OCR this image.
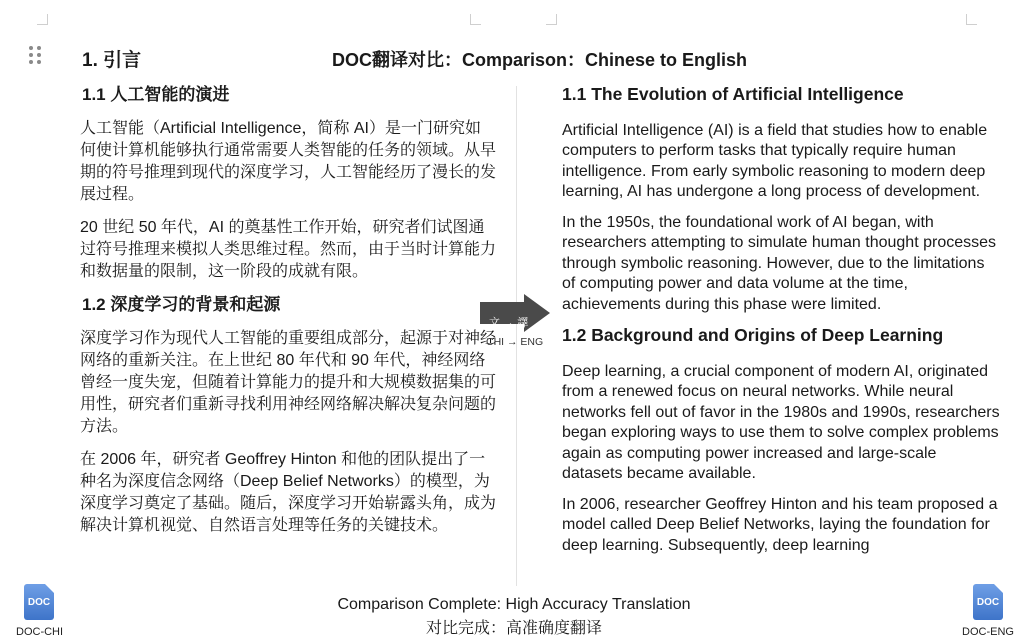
1. 引言	DOC翻译对比：Comparison：Chinese to English
1.1 人工智能的演进

人工智能（Artificial Intelligence，简称 AI）是一门研究如何使计算机能够执行通常需要人类智能的任务的领域。从早期的符号推理到现代的深度学习，人工智能经历了漫长的发展过程。

20 世纪 50 年代，AI 的奠基性工作开始，研究者们试图通过符号推理来模拟人类思维过程。然而，由于当时计算能力和数据量的限制，这一阶段的成就有限。

1.2 深度学习的背景和起源

深度学习作为现代人工智能的重要组成部分，起源于对神经网络的重新关注。在上世纪 80 年代和 90 年代，神经网络曾经一度失宠，但随着计算能力的提升和大规模数据集的可用性，研究者们重新寻找利用神经网络解决解决复杂问题的方法。

在 2006 年，研究者 Geoffrey Hinton 和他的团队提出了一种名为深度信念网络（Deep Belief Networks）的模型，为深度学习奠定了基础。随后，深度学习开始崭露头角，成为解决计算机视觉、自然语言处理等任务的关键技术。

1.1 The Evolution of Artificial Intelligence

Artificial Intelligence (AI) is a field that studies how to enable computers to perform tasks that typically require human intelligence. From early symbolic reasoning to modern deep learning, AI has undergone a long process of development.

In the 1950s, the foundational work of AI began, with researchers attempting to simulate human thought processes through symbolic reasoning. However, due to the limitations of computing power and data volume at the time, achievements during this phase were limited.

1.2 Background and Origins of Deep Learning

Deep learning, a crucial component of modern AI, originated from a renewed focus on neural networks. While neural networks fell out of favor in the 1980s and 1990s, researchers began exploring ways to use them to solve complex problems again as computing power increased and large-scale datasets became available.

In 2006, researcher Geoffrey Hinton and his team proposed a model called Deep Belief Networks, laying the foundation for deep learning. Subsequently, deep learning

文 → 譯
CHI → ENG
Comparison Complete: High Accuracy Translation
对比完成：高准确度翻译
DOC
DOC-CHI
DOC
DOC-ENG
